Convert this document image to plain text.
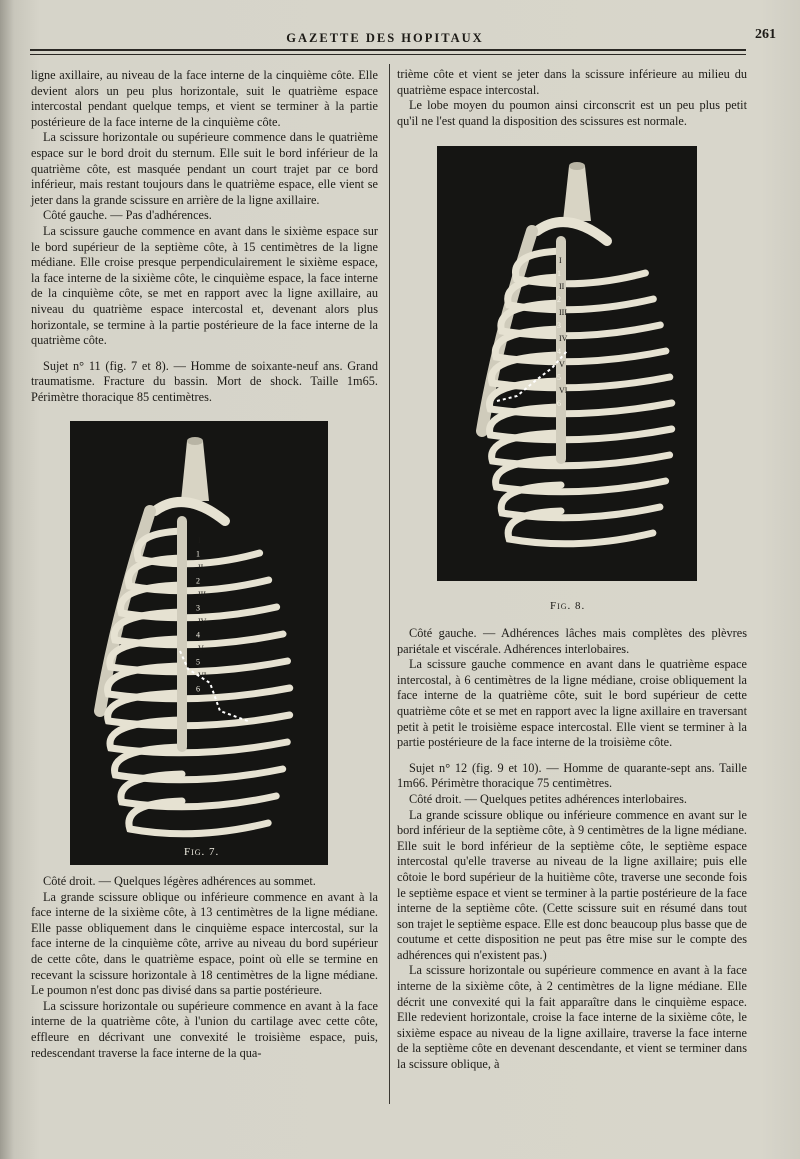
GAZETTE DES HOPITAUX	261

ligne axillaire, au niveau de la face interne de la cinquième côte. Elle devient alors un peu plus horizontale, suit le quatrième espace intercostal pendant quelque temps, et vient se terminer à la partie postérieure de la face interne de la cinquième côte.

La scissure horizontale ou supérieure commence dans le quatrième espace sur le bord droit du sternum. Elle suit le bord inférieur de la quatrième côte, est masquée pendant un court trajet par ce bord inférieur, mais restant toujours dans le quatrième espace, elle vient se jeter dans la grande scissure en arrière de la ligne axillaire.

Côté gauche. — Pas d'adhérences.

La scissure gauche commence en avant dans le sixième espace sur le bord supérieur de la septième côte, à 15 centimètres de la ligne médiane. Elle croise presque perpendiculairement le sixième espace, la face interne de la sixième côte, le cinquième espace, la face interne de la cinquième côte, se met en rapport avec la ligne axillaire, au niveau du quatrième espace intercostal et, devenant alors plus horizontale, se termine à la partie postérieure de la face interne de la quatrième côte.

Sujet n° 11 (fig. 7 et 8). — Homme de soixante-neuf ans. Grand traumatisme. Fracture du bassin. Mort de shock. Taille 1m65. Périmètre thoracique 85 centimètres.

I
1
II
2
III
3
IV
4
V
5
VI
6
Fig. 7.

Côté droit. — Quelques légères adhérences au sommet.

La grande scissure oblique ou inférieure commence en avant à la face interne de la sixième côte, à 13 centimètres de la ligne médiane. Elle passe obliquement dans le cinquième espace intercostal, sur la face interne de la cinquième côte, arrive au niveau du bord supérieur de cette côte, dans le quatrième espace, point où elle se termine en recevant la scissure horizontale à 18 centimètres de la ligne médiane. Le poumon n'est donc pas divisé dans sa partie postérieure.

La scissure horizontale ou supérieure commence en avant à la face interne de la quatrième côte, à l'union du cartilage avec cette côte, effleure en décrivant une convexité le troisième espace, puis, redescendant traverse la face interne de la qua-

trième côte et vient se jeter dans la scissure inférieure au milieu du quatrième espace intercostal.

Le lobe moyen du poumon ainsi circonscrit est un peu plus petit qu'il ne l'est quand la disposition des scissures est normale.

I
1
II
2
III
3
IV
4
V
5
VI
6
Fig. 8.

Côté gauche. — Adhérences lâches mais complètes des plèvres pariétale et viscérale. Adhérences interlobaires.

La scissure gauche commence en avant dans le quatrième espace intercostal, à 6 centimètres de la ligne médiane, croise obliquement la face interne de la quatrième côte, suit le bord supérieur de cette quatrième côte et se met en rapport avec la ligne axillaire en traversant petit à petit le troisième espace intercostal. Elle vient se terminer à la partie postérieure de la face interne de la troisième côte.

Sujet n° 12 (fig. 9 et 10). — Homme de quarante-sept ans. Taille 1m66. Périmètre thoracique 75 centimètres.

Côté droit. — Quelques petites adhérences interlobaires.

La grande scissure oblique ou inférieure commence en avant sur le bord inférieur de la septième côte, à 9 centimètres de la ligne médiane. Elle suit le bord inférieur de la septième côte, le septième espace intercostal qu'elle traverse au niveau de la ligne axillaire; puis elle côtoie le bord supérieur de la huitième côte, traverse une seconde fois le septième espace et vient se terminer à la partie postérieure de la face interne de la septième côte. (Cette scissure suit en résumé dans tout son trajet le septième espace. Elle est donc beaucoup plus basse que de coutume et cette disposition ne peut pas être mise sur le compte des adhérences qui n'existent pas.)

La scissure horizontale ou supérieure commence en avant à la face interne de la sixième côte, à 2 centimètres de la ligne médiane. Elle décrit une convexité qui la fait apparaître dans le cinquième espace. Elle redevient horizontale, croise la face interne de la sixième côte, le sixième espace au niveau de la ligne axillaire, traverse la face interne de la septième côte en devenant descendante, et vient se terminer dans la scissure oblique, à
